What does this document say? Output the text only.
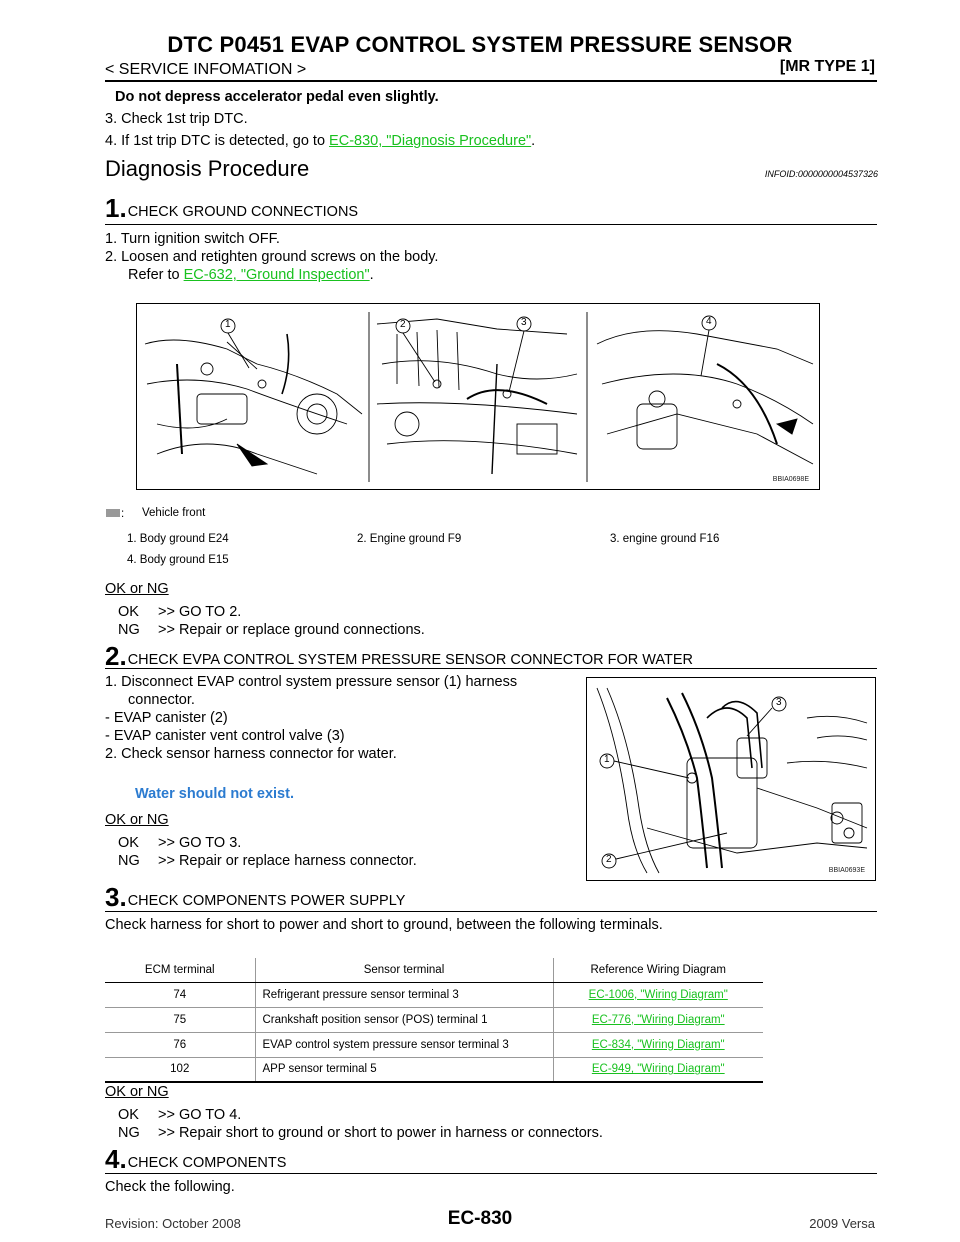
DTC P0451 EVAP CONTROL SYSTEM PRESSURE SENSOR
< SERVICE INFOMATION >	[MR TYPE 1]
Do not depress accelerator pedal even slightly.
3. Check 1st trip DTC.
4. If 1st trip DTC is detected, go to EC-830, "Diagnosis Procedure".
Diagnosis Procedure	INFOID:0000000004537326
1. CHECK GROUND CONNECTIONS
1. Turn ignition switch OFF.
2. Loosen and retighten ground screws on the body.
Refer to EC-632, "Ground Inspection".
1	2	3	4
BBIA0698E
: Vehicle front
1. Body ground E24	2. Engine ground F9	3. engine ground F16
4. Body ground E15
OK or NG
OK >> GO TO 2.
NG >> Repair or replace ground connections.
2. CHECK EVPA CONTROL SYSTEM PRESSURE SENSOR CONNECTOR FOR WATER
1. Disconnect EVAP control system pressure sensor (1) harness
connector.
- EVAP canister (2)
- EVAP canister vent control valve (3)
2. Check sensor harness connector for water.
Water should not exist.
1
2
3
BBIA0693E
OK or NG
OK >> GO TO 3.
NG >> Repair or replace harness connector.
3. CHECK COMPONENTS POWER SUPPLY
Check harness for short to power and short to ground, between the following terminals.
ECM terminal	Sensor terminal	Reference Wiring Diagram
74	Refrigerant pressure sensor terminal 3	EC-1006, "Wiring Diagram"
75	Crankshaft position sensor (POS) terminal 1	EC-776, "Wiring Diagram"
76	EVAP control system pressure sensor terminal 3	EC-834, "Wiring Diagram"
102	APP sensor terminal 5	EC-949, "Wiring Diagram"
OK or NG
OK >> GO TO 4.
NG >> Repair short to ground or short to power in harness or connectors.
4. CHECK COMPONENTS
Check the following.
Revision: October 2008	EC-830	2009 Versa
